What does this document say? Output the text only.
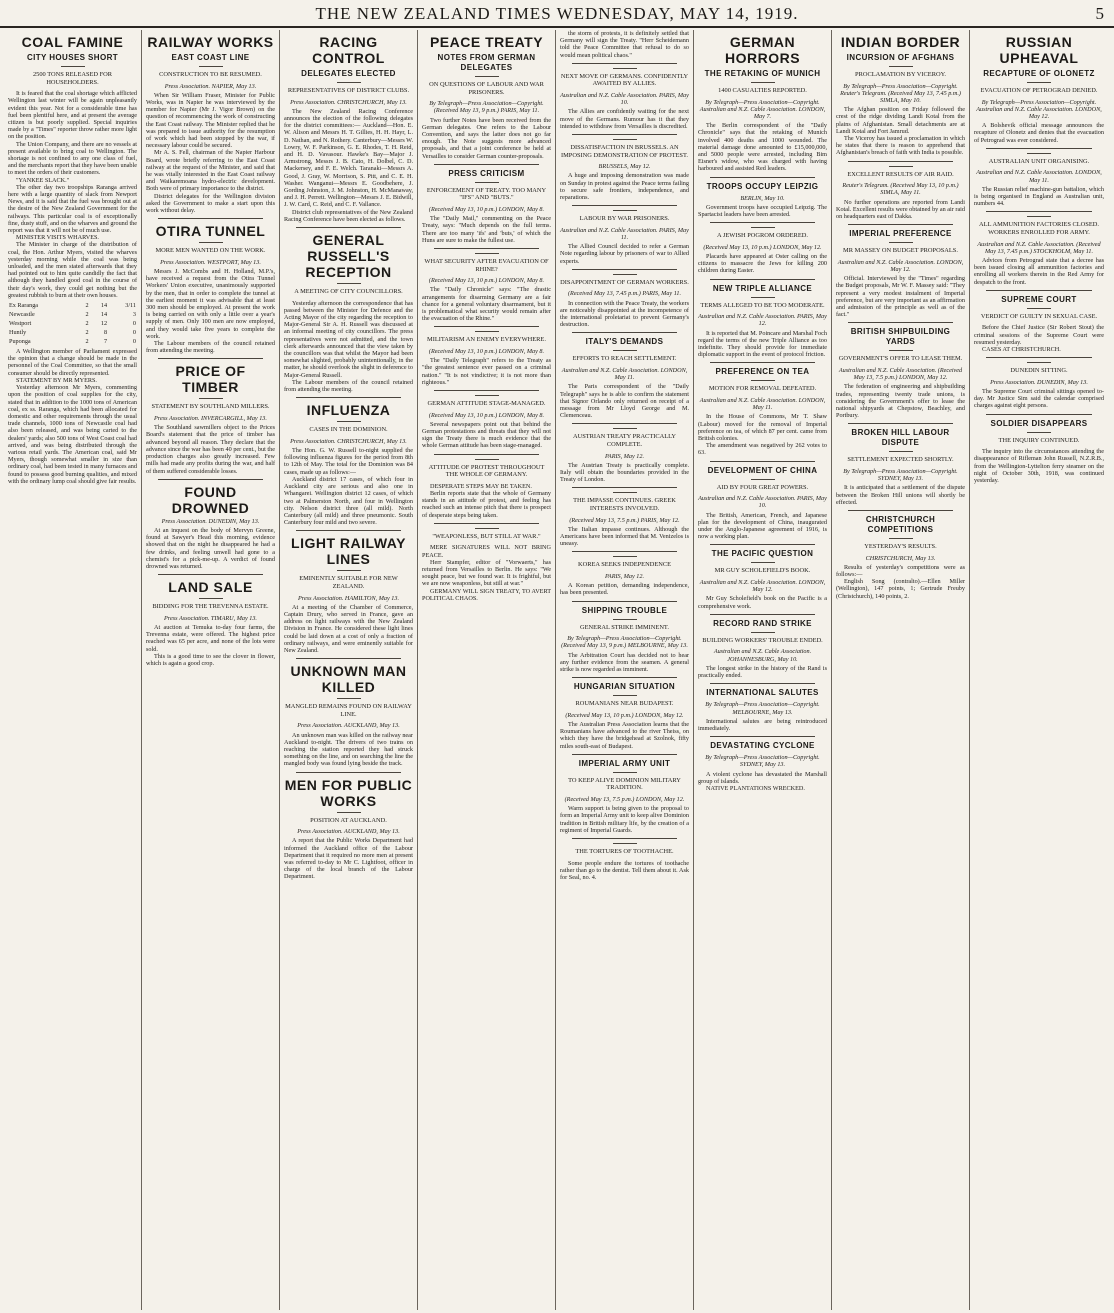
THE NEW ZEALAND TIMES WEDNESDAY, MAY 14, 1919.	5
COAL FAMINE
CITY HOUSES SHORT
2500 TONS RELEASED FOR HOUSEHOLDERS.

It is feared that the coal shortage which afflicted Wellington last winter will be again unpleasantly evident this year. Not for a considerable time has fuel been plentiful here, and at present the average citizen is but poorly supplied. Special inquiries made by a "Times" reporter throw rather more light on the position.

The Union Company, and there are no vessels at present available to bring coal to Wellington. The shortage is not confined to any one class of fuel, and the merchants report that they have been unable to meet the orders of their customers.

"YANKEE SLACK."

The other day two troopships Raranga arrived here with a large quantity of slack from Newport News, and it is said that the fuel was brought out at the desire of the New Zealand Government for the railways. This particular coal is of exceptionally fine, dusty stuff, and on the wharves and ground the report was that it will not be of much use.

MINISTER VISITS WHARVES.

The Minister in charge of the distribution of coal, the Hon. Arthur Myers, visited the wharves yesterday morning while the coal was being unloaded, and the men stated afterwards that they had pointed out to him quite candidly the fact that although they handled good coal in the course of their day's work, they could get nothing but the greatest rubbish to burn at their own houses.

Ex Raranga	2	14	3/11
Newcastle	2	14	3
Westport	2	12	0
Huntly	2	8	0
Puponga	2	7	0

A Wellington member of Parliament expressed the opinion that a change should be made in the personnel of the Coal Committee, so that the small consumer should be directly represented.

STATEMENT BY MR MYERS.

Yesterday afternoon Mr Myers, commenting upon the position of coal supplies for the city, stated that in addition to the 1000 tons of American coal, ex ss. Raranga, which had been allocated for domestic and other requirements through the usual trade channels, 1000 tons of Newcastle coal had also been released, and was being carted to the dealers' yards; also 500 tons of West Coast coal had arrived, and was being distributed through the various retail yards. The American coal, said Mr Myers, though somewhat smaller in size than ordinary coal, had been tested in many furnaces and found to possess good burning qualities, and mixed with the ordinary lump coal should give fair results.

RAILWAY WORKS
EAST COAST LINE
CONSTRUCTION TO BE RESUMED.
Press Association. NAPIER, May 13.

When Sir William Fraser, Minister for Public Works, was in Napier he was interviewed by the member for Napier (Mr J. Vigor Brown) on the question of recommencing the work of constructing the East Coast railway. The Minister replied that he was prepared to issue authority for the resumption of work which had been stopped by the war, if necessary labour could be secured.

Mr A. S. Fell, chairman of the Napier Harbour Board, wrote briefly referring to the East Coast railway at the request of the Minister, and said that he was vitally interested in the East Coast railway and Waikaremoana hydro-electric development. Both were of primary importance to the district.

District delegates for the Wellington division asked the Government to make a start upon this work without delay.

OTIRA TUNNEL
MORE MEN WANTED ON THE WORK.
Press Association. WESTPORT, May 13.

Messrs J. McCombs and H. Holland, M.P.'s, have received a request from the Otira Tunnel Workers' Union executive, unanimously supported by the men, that in order to complete the tunnel at the earliest moment it was advisable that at least 300 men should be employed. At present the work is being carried on with only a little over a year's supply of men. Only 100 men are now employed, and they would take five years to complete the work.

The Labour members of the council retained from attending the meeting.

PRICE OF TIMBER
STATEMENT BY SOUTHLAND MILLERS.
Press Association. INVERCARGILL, May 13.

The Southland sawmillers object to the Prices Board's statement that the price of timber has advanced beyond all reason. They declare that the advance since the war has been 40 per cent., but the production charges also greatly increased. Few mills had made any profits during the war, and half of them suffered considerable losses.

FOUND DROWNED
Press Association. DUNEDIN, May 13.

At an inquest on the body of Mervyn Greene, found at Sawyer's Head this morning, evidence showed that on the night he disappeared he had a few drinks, and feeling unwell had gone to a chemist's for a pick-me-up. A verdict of found drowned was returned.

LAND SALE
BIDDING FOR THE TREVENNA ESTATE.
Press Association. TIMARU, May 13.

At auction at Temuka to-day four farms, the Trevenna estate, were offered. The highest price reached was 65 per acre, and none of the lots were sold.

This is a good time to see the clover in flower, which is again a good crop.

RACING CONTROL
DELEGATES ELECTED
REPRESENTATIVES OF DISTRICT CLUBS.
Press Association. CHRISTCHURCH, May 13.

The New Zealand Racing Conference announces the election of the following delegates for the district committees:— Auckland—Hon. E. W. Alison and Messrs H. T. Gillies, H. H. Hayr, L. D. Nathan, and N. Rothery. Canterbury—Messrs W. Lowry, W. F. Parkinson, G. E. Rhodes, T. H. Reid, and H. D. Vavasour. Hawke's Bay—Major J. Armstrong, Messrs J. B. Cato, H. Dolbel, C. D. Mackersey, and F. E. Welch. Taranaki—Messrs A. Good, J. Gray, W. Morrison, S. Pitt, and C. E. H. Washer. Wanganui—Messrs E. Goodbehere, J. Gording Johnston, J. M. Johnston, H. McManaway, and J. H. Perrett. Wellington—Messrs J. E. Bidwill, J. W. Card, C. Reid, and C. F. Vallance.

District club representatives of the New Zealand Racing Conference have been elected as follows.

GENERAL RUSSELL'S RECEPTION
A MEETING OF CITY COUNCILLORS.

Yesterday afternoon the correspondence that has passed between the Minister for Defence and the Acting Mayor of the city regarding the reception to Major-General Sir A. H. Russell was discussed at an informal meeting of city councillors. The press representatives were not admitted, and the town clerk afterwards announced that the view taken by the councillors was that whilst the Mayor had been somewhat slighted, probably unintentionally, in the matter, he should overlook the slight in deference to Major-General Russell.

The Labour members of the council retained from attending the meeting.

INFLUENZA
CASES IN THE DOMINION.
Press Association. CHRISTCHURCH, May 13.

The Hon. G. W. Russell to-night supplied the following influenza figures for the period from 8th to 12th of May. The total for the Dominion was 84 cases, made up as follows:—

Auckland district 17 cases, of which four in Auckland city are serious and also one in Whangarei. Wellington district 12 cases, of which two at Palmerston North, and four in Wellington city. Nelson district three (all mild). North Canterbury (all mild) and three pneumonic. South Canterbury four mild and two severe.

LIGHT RAILWAY LINES
EMINENTLY SUITABLE FOR NEW ZEALAND.
Press Association. HAMILTON, May 13.

At a meeting of the Chamber of Commerce, Captain Drury, who served in France, gave an address on light railways with the New Zealand Division in France. He considered these light lines could be laid down at a cost of only a fraction of ordinary railways, and were eminently suitable for New Zealand.

UNKNOWN MAN KILLED
MANGLED REMAINS FOUND ON RAILWAY LINE.
Press Association. AUCKLAND, May 13.

An unknown man was killed on the railway near Auckland to-night. The drivers of two trains on reaching the station reported they had struck something on the line, and on searching the line the mangled body was found lying beside the track.

MEN FOR PUBLIC WORKS
POSITION AT AUCKLAND.
Press Association. AUCKLAND, May 13.

A report that the Public Works Department had informed the Auckland office of the Labour Department that it required no more men at present was referred to-day to Mr C. Lightfoot, officer in charge of the local branch of the Labour Department.

PEACE TREATY
NOTES FROM GERMAN DELEGATES
ON QUESTIONS OF LABOUR AND WAR PRISONERS.
By Telegraph—Press Association—Copyright. (Received May 13, 9 p.m.) PARIS, May 11.

Two further Notes have been received from the German delegates. One refers to the Labour Convention, and says the latter does not go far enough. The Note suggests more advanced proposals, and that a joint conference be held at Versailles to consider German counter-proposals.

PRESS CRITICISM
ENFORCEMENT OF TREATY. TOO MANY "IFS" AND "BUTS."
(Received May 13, 10 p.m.) LONDON, May 8.

The "Daily Mail," commenting on the Peace Treaty, says: "Much depends on the full terms. There are too many 'ifs' and 'buts,' of which the Huns are sure to make the fullest use.

WHAT SECURITY AFTER EVACUATION OF RHINE?
(Received May 13, 10 p.m.) LONDON, May 8.

The "Daily Chronicle" says: "The drastic arrangements for disarming Germany are a fair chance for a general voluntary disarmament, but it is problematical what security would remain after the evacuation of the Rhine."

MILITARISM AN ENEMY EVERYWHERE.
(Received May 13, 10 p.m.) LONDON, May 8.

The "Daily Telegraph" refers to the Treaty as "the greatest sentence ever passed on a criminal nation." "It is not vindictive; it is not more than righteous."

GERMAN ATTITUDE STAGE-MANAGED.
(Received May 13, 10 p.m.) LONDON, May 8.

Several newspapers point out that behind the German protestations and threats that they will not sign the Treaty there is much evidence that the whole German attitude has been stage-managed.

ATTITUDE OF PROTEST THROUGHOUT THE WHOLE OF GERMANY.

DESPERATE STEPS MAY BE TAKEN.

Berlin reports state that the whole of Germany stands in an attitude of protest, and feeling has reached such an intense pitch that there is prospect of desperate steps being taken.

"WEAPONLESS, BUT STILL AT WAR."

MERE SIGNATURES WILL NOT BRING PEACE.

Herr Stampfer, editor of "Vorwaerts," has returned from Versailles to Berlin. He says: "We sought peace, but we found war. It is frightful, but we are now weaponless, but still at war."

GERMANY WILL SIGN TREATY, TO AVERT POLITICAL CHAOS.

the storm of protests, it is definitely settled that Germany will sign the Treaty. "Herr Scheidemann told the Peace Committee that refusal to do so would mean political chaos."

NEXT MOVE OF GERMANS. CONFIDENTLY AWAITED BY ALLIES.
Australian and N.Z. Cable Association. PARIS, May 10.

The Allies are confidently waiting for the next move of the Germans. Rumour has it that they intended to withdraw from Versailles is discredited.

DISSATISFACTION IN BRUSSELS. AN IMPOSING DEMONSTRATION OF PROTEST.
BRUSSELS, May 12.

A huge and imposing demonstration was made on Sunday in protest against the Peace terms failing to secure safe frontiers, independence, and reparations.

LABOUR BY WAR PRISONERS.
Australian and N.Z. Cable Association. PARIS, May 11.

The Allied Council decided to refer a German Note regarding labour by prisoners of war to Allied experts.

DISAPPOINTMENT OF GERMAN WORKERS.
(Received May 13, 7.45 p.m.) PARIS, May 11.

In connection with the Peace Treaty, the workers are noticeably disappointed at the incompetence of the international proletariat to prevent Germany's destruction.

ITALY'S DEMANDS
EFFORTS TO REACH SETTLEMENT.
Australian and N.Z. Cable Association. LONDON, May 11.

The Paris correspondent of the "Daily Telegraph" says he is able to confirm the statement that Signor Orlando only returned on receipt of a message from Mr Lloyd George and M. Clemenceau.

AUSTRIAN TREATY PRACTICALLY COMPLETE.
PARIS, May 12.

The Austrian Treaty is practically complete. Italy will obtain the boundaries provided in the Treaty of London.

THE IMPASSE CONTINUES. GREEK INTERESTS INVOLVED.
(Received May 13, 7.5 p.m.) PARIS, May 12.

The Italian impasse continues. Although the Americans have been informed that M. Venizelos is uneasy.

KOREA SEEKS INDEPENDENCE
PARIS, May 12.

A Korean petition, demanding independence, has been presented.

SHIPPING TROUBLE
GENERAL STRIKE IMMINENT.
By Telegraph—Press Association—Copyright. (Received May 13, 9 p.m.) MELBOURNE, May 13.

The Arbitration Court has decided not to hear any further evidence from the seamen. A general strike is now regarded as imminent.

HUNGARIAN SITUATION
ROUMANIANS NEAR BUDAPEST.
(Received May 13, 10 p.m.) LONDON, May 12.

The Australian Press Association learns that the Roumanians have advanced to the river Theiss, on which they have the bridgehead at Szolnok, fifty miles south-east of Budapest.

IMPERIAL ARMY UNIT
TO KEEP ALIVE DOMINION MILITARY TRADITION.
(Received May 13, 7.5 p.m.) LONDON, May 12.

Warm support is being given to the proposal to form an Imperial Army unit to keep alive Dominion tradition in British military life, by the creation of a regiment of Imperial Guards.

THE TORTURES OF TOOTHACHE.

Some people endure the tortures of toothache rather than go to the dentist. Tell them about it. Ask for Seal, no. 4.

GERMAN HORRORS
THE RETAKING OF MUNICH
1400 CASUALTIES REPORTED.
By Telegraph—Press Association—Copyright. Australian and N.Z. Cable Association. LONDON, May 7.

The Berlin correspondent of the "Daily Chronicle" says that the retaking of Munich involved 400 deaths and 1000 wounded. The material damage done amounted to £15,000,000, and 5000 people were arrested, including Bim Eisner's widow, who was charged with having harboured and assisted Red leaders.

TROOPS OCCUPY LEIPZIG
BERLIN, May 10.

Government troops have occupied Leipzig. The Spartacist leaders have been arrested.

A JEWISH POGROM ORDERED.
(Received May 13, 10 p.m.) LONDON, May 12.

Placards have appeared at Oster calling on the citizens to massacre the Jews for killing 200 children during Easter.

NEW TRIPLE ALLIANCE
TERMS ALLEGED TO BE TOO MODERATE.
Australian and N.Z. Cable Association. PARIS, May 12.

It is reported that M. Poincare and Marshal Foch regard the terms of the new Triple Alliance as too indefinite. They should provide for immediate diplomatic support in the event of protocol friction.

PREFERENCE ON TEA
MOTION FOR REMOVAL DEFEATED.
Australian and N.Z. Cable Association. LONDON, May 11.

In the House of Commons, Mr T. Shaw (Labour) moved for the removal of Imperial preference on tea, of which 87 per cent. came from British colonies.

The amendment was negatived by 262 votes to 63.

DEVELOPMENT OF CHINA
AID BY FOUR GREAT POWERS.
Australian and N.Z. Cable Association. PARIS, May 10.

The British, American, French, and Japanese plan for the development of China, inaugurated under the Anglo-Japanese agreement of 1916, is now a working plan.

THE PACIFIC QUESTION
MR GUY SCHOLEFIELD'S BOOK.
Australian and N.Z. Cable Association. LONDON, May 12.

Mr Guy Scholefield's book on the Pacific is a comprehensive work.

RECORD RAND STRIKE
BUILDING WORKERS' TROUBLE ENDED.
Australian and N.Z. Cable Association. JOHANNESBURG, May 10.

The longest strike in the history of the Rand is practically ended.

INTERNATIONAL SALUTES
By Telegraph—Press Association—Copyright. MELBOURNE, May 13.

International salutes are being reintroduced immediately.

DEVASTATING CYCLONE
By Telegraph—Press Association—Copyright. SYDNEY, May 13.

A violent cyclone has devastated the Marshall group of islands.

NATIVE PLANTATIONS WRECKED.

INDIAN BORDER
INCURSION OF AFGHANS
PROCLAMATION BY VICEROY.
By Telegraph—Press Association—Copyright. Reuter's Telegram. (Received May 13, 7.45 p.m.) SIMLA, May 10.

The Afghan position on Friday followed the crest of the ridge dividing Landi Kotal from the plains of Afghanistan. Small detachments are at Landi Kotal and Fort Jamrud.

The Viceroy has issued a proclamation in which he states that there is reason to apprehend that Afghanistan's breach of faith with India is possible.

EXCELLENT RESULTS OF AIR RAID.
Reuter's Telegram. (Received May 13, 10 p.m.) SIMLA, May 11.

No further operations are reported from Landi Kotal. Excellent results were obtained by an air raid on headquarters east of Dakka.

IMPERIAL PREFERENCE
MR MASSEY ON BUDGET PROPOSALS.
Australian and N.Z. Cable Association. LONDON, May 12.

Official. Interviewed by the "Times" regarding the Budget proposals, Mr W. F. Massey said: "They represent a very modest instalment of Imperial preference, but are very important as an affirmation and admission of the principle as well as of the fact."

BRITISH SHIPBUILDING YARDS
GOVERNMENT'S OFFER TO LEASE THEM.
Australian and N.Z. Cable Association. (Received May 13, 7.5 p.m.) LONDON, May 12.

The federation of engineering and shipbuilding trades, representing twenty trade unions, is considering the Government's offer to lease the national shipyards at Chepstow, Beachley, and Portbury.

BROKEN HILL LABOUR DISPUTE
SETTLEMENT EXPECTED SHORTLY.
By Telegraph—Press Association—Copyright. SYDNEY, May 13.

It is anticipated that a settlement of the dispute between the Broken Hill unions will shortly be effected.

CHRISTCHURCH COMPETITIONS
YESTERDAY'S RESULTS.
CHRISTCHURCH, May 13.

Results of yesterday's competitions were as follows:—

English Song (contralto).—Ellen Miller (Wellington), 147 points, 1; Gertrude Freuby (Christchurch), 140 points, 2.

RUSSIAN UPHEAVAL
RECAPTURE OF OLONETZ
EVACUATION OF PETROGRAD DENIED.
By Telegraph—Press Association—Copyright. Australian and N.Z. Cable Association. LONDON, May 12.

A Bolshevik official message announces the recapture of Olonetz and denies that the evacuation of Petrograd was ever considered.

AUSTRALIAN UNIT ORGANISING.
Australian and N.Z. Cable Association. LONDON, May 11.

The Russian relief machine-gun battalion, which is being organised in England as Australian unit, numbers 44.

ALL AMMUNITION FACTORIES CLOSED. WORKERS ENROLLED FOR ARMY.
Australian and N.Z. Cable Association. (Received May 13, 7.45 p.m.) STOCKHOLM, May 11.

Advices from Petrograd state that a decree has been issued closing all ammunition factories and enrolling all workers therein in the Red Army for despatch to the front.

SUPREME COURT
VERDICT OF GUILTY IN SEXUAL CASE.

Before the Chief Justice (Sir Robert Stout) the criminal sessions of the Supreme Court were resumed yesterday.

CASES AT CHRISTCHURCH.

DUNEDIN SITTING.
Press Association. DUNEDIN, May 13.

The Supreme Court criminal sittings opened to-day. Mr Justice Sim said the calendar comprised charges against eight persons.

SOLDIER DISAPPEARS
THE INQUIRY CONTINUED.

The inquiry into the circumstances attending the disappearance of Rifleman John Russell, N.Z.R.B., from the Wellington-Lyttelton ferry steamer on the night of October 30th, 1918, was continued yesterday.
